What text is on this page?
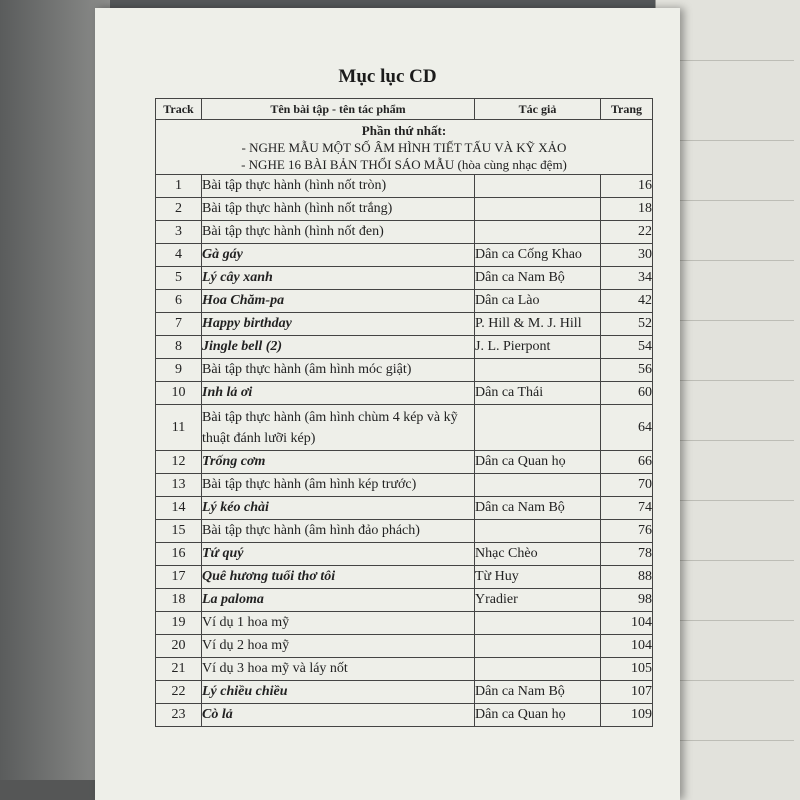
Mục lục CD
Track	Tên bài tập - tên tác phẩm	Tác giả	Trang

Phần thứ nhất:
- NGHE MẪU MỘT SỐ ÂM HÌNH TIẾT TẤU VÀ KỸ XẢO
- NGHE 16 BÀI BẢN THỔI SÁO MẪU (hòa cùng nhạc đệm)			

1	Bài tập thực hành (hình nốt tròn)		16
2	Bài tập thực hành (hình nốt trắng)		18
3	Bài tập thực hành (hình nốt đen)		22
4	Gà gáy	Dân ca Cống Khao	30
5	Lý cây xanh	Dân ca Nam Bộ	34
6	Hoa Chăm-pa	Dân ca Lào	42
7	Happy birthday	P. Hill & M. J. Hill	52
8	Jingle bell (2)	J. L. Pierpont	54
9	Bài tập thực hành (âm hình móc giật)		56
10	Inh lả ơi	Dân ca Thái	60
11	Bài tập thực hành (âm hình chùm 4 kép và kỹ thuật đánh lưỡi kép)		64
12	Trống cơm	Dân ca Quan họ	66
13	Bài tập thực hành (âm hình kép trước)		70
14	Lý kéo chài	Dân ca Nam Bộ	74
15	Bài tập thực hành (âm hình đảo phách)		76
16	Tứ quý	Nhạc Chèo	78
17	Quê hương tuổi thơ tôi	Từ Huy	88
18	La paloma	Yradier	98
19	Ví dụ 1 hoa mỹ		104
20	Ví dụ 2 hoa mỹ		104
21	Ví dụ 3 hoa mỹ và láy nốt		105
22	Lý chiều chiều	Dân ca Nam Bộ	107
23	Cò lả	Dân ca Quan họ	109
